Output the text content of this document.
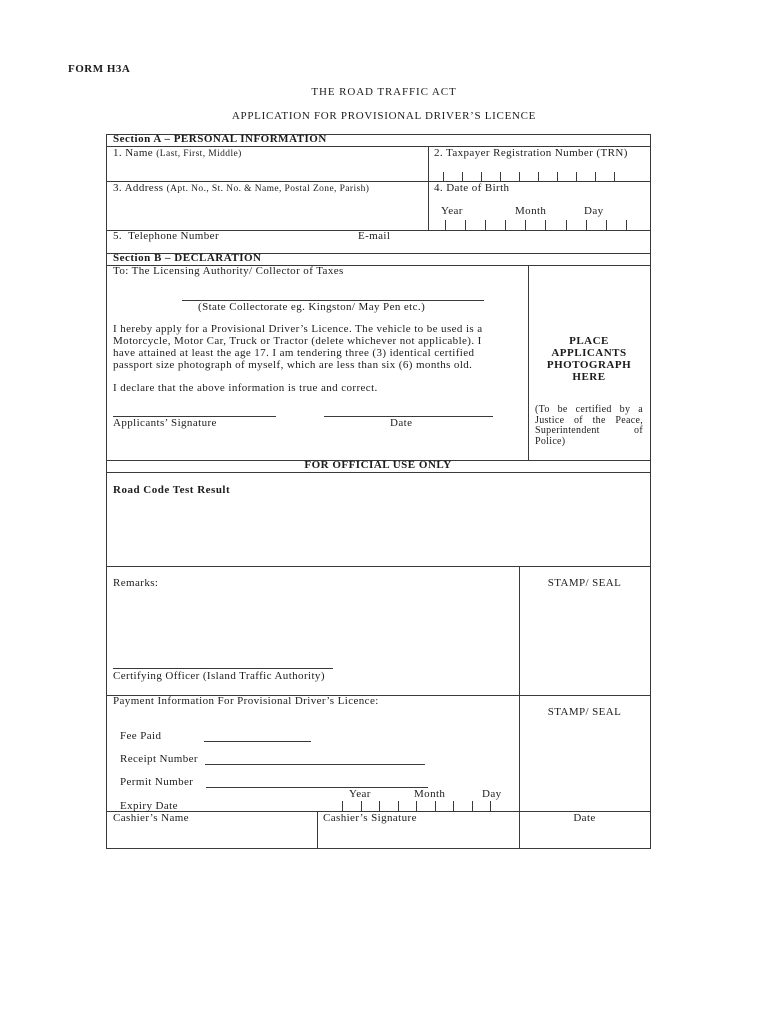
FORM H3A
THE ROAD TRAFFIC ACT
APPLICATION FOR PROVISIONAL DRIVER’S LICENCE
Section A – PERSONAL INFORMATION
1. Name (Last, First, Middle)	2. Taxpayer Registration Number (TRN)
3. Address (Apt. No., St. No. & Name, Postal Zone, Parish)	4. Date of Birth
Year	Month	Day
5.  Telephone Number	E-mail
Section B – DECLARATION
To: The Licensing Authority/ Collector of Taxes
(State Collectorate eg. Kingston/ May Pen etc.)
I hereby apply for a Provisional Driver’s Licence. The vehicle to be used is a
Motorcycle, Motor Car, Truck or Tractor (delete whichever not applicable). I
have attained at least the age 17. I am tendering three (3) identical certified
passport size photograph of myself, which are less than six (6) months old.
I declare that the above information is true and correct.
Applicants’ Signature	Date
PLACE
APPLICANTS
PHOTOGRAPH
HERE
(To be certified by a
Justice of the Peace,
Superintendent of
Police)
FOR OFFICIAL USE ONLY
Road Code Test Result
Remarks:	STAMP/ SEAL
Certifying Officer (Island Traffic Authority)
Payment Information For Provisional Driver’s Licence:
STAMP/ SEAL
Fee Paid
Receipt Number
Permit Number
Year	Month	Day
Expiry Date
Cashier’s Name	Cashier’s Signature	Date
